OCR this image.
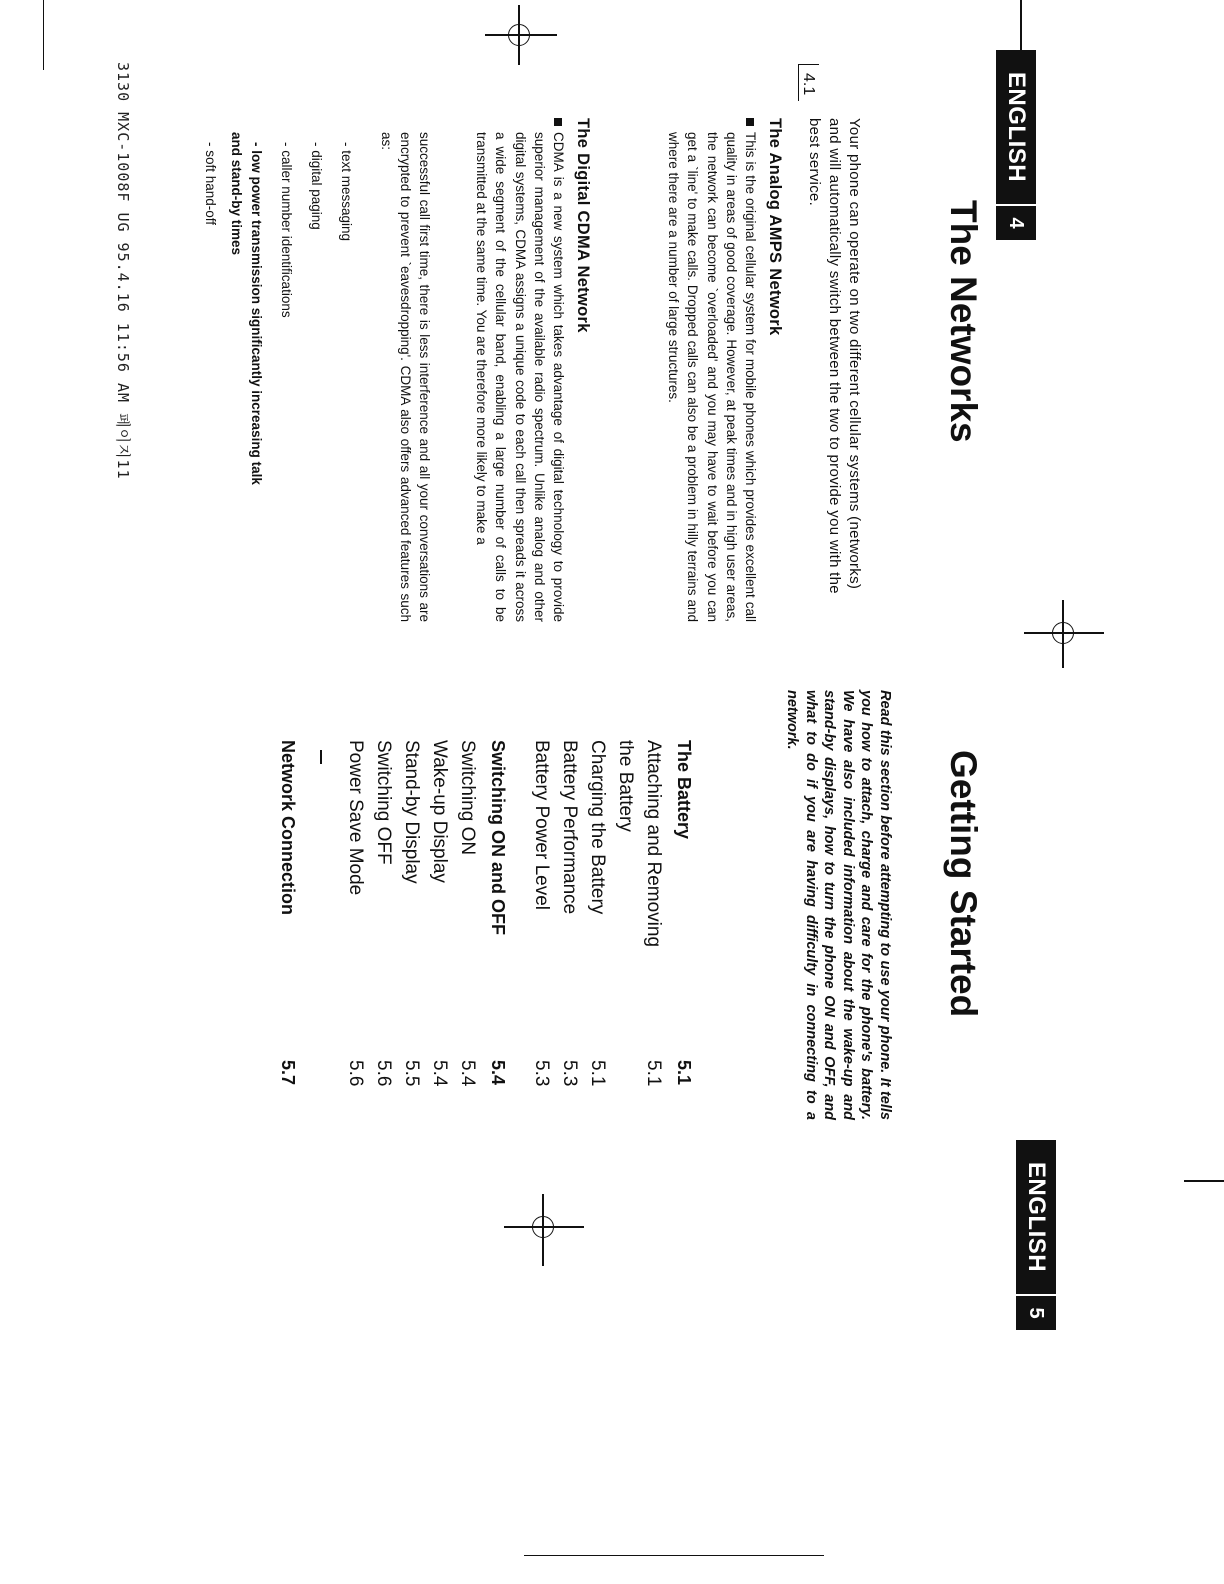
3130 MXC-1008F UG 95.4.16 11:56 AM 페이지11	4
ENGLISH
4.1
Your phone can operate on two different cellular systems (networks) and will automatically switch between the two to provide you with the best service.
The Analog AMPS Network
This is the original cellular system for mobile phones which provides excellent call quality in areas of good coverage. However, at peak times and in high user areas, the network can become `overloaded' and you may have to wait before you can get a `line' to make calls. Dropped calls can also be a problem in hilly terrains and where there are a number of large structures.
The Digital CDMA Network
CDMA is a new system which takes advantage of digital technology to provide superior management of the available radio spectrum. Unlike analog and other digital systems, CDMA assigns a unique code to each call then spreads it across a wide segment of the cellular band, enabling a large number of calls to be transmitted at the same time. You are therefore more likely to make a
successful call first time, there is less interference and all your conversations are encrypted to prevent `eavesdropping'. CDMA also offers advanced features such as:
- text messaging
- digital paging
- caller number identifications
- low power transmission significantly increasing talk
and stand-by times
- soft hand-off
5
ENGLISH
Getting Started
Read this section before attempting to use your phone. It tells you how to attach, charge and care for the phone's battery. We have also included information about the wake-up and stand-by displays, how to turn the phone ON and OFF, and what to do if you are having difficulty in connecting to a network.
The Battery
5.1
Attaching and Removing
5.1
the Battery
Charging the Battery
5.1
Battery Performance
5.3
Battery Power Level
5.3
Switching ON and OFF
5.4
Switching ON
5.4
Wake-up Display
5.4
Stand-by Display
5.5
Switching OFF
5.6
Power Save Mode
5.6
Network Connection
5.7
The Networks
